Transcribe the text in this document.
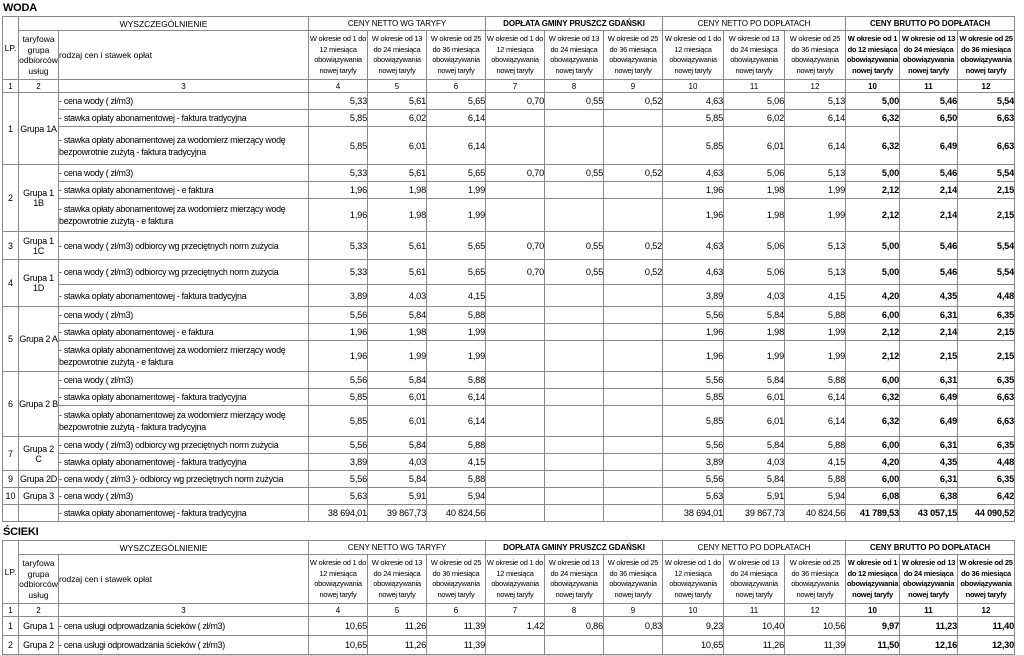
WODA
LP.	WYSZCZEGÓLNIENIE		CENY NETTO WG TARYFY			DOPŁATA GMINY PRUSZCZ GDAŃSKI			CENY NETTO PO DOPŁATACH			CENY BRUTTO PO DOPŁATACH		
	taryfowa grupa odbiorców usług	rodzaj cen i stawek opłat	W okresie od 1 do 12 miesiąca obowiązywania nowej taryfy	W okresie od 13 do 24 miesiąca obowiązywania nowej taryfy	W okresie od 25 do 36 miesiąca obowiązywania nowej taryfy	W okresie od 1 do 12 miesiąca obowiązywania nowej taryfy	W okresie od 13 do 24 miesiąca obowiązywania nowej taryfy	W okresie od 25 do 36 miesiąca obowiązywania nowej taryfy	W okresie od 1 do 12 miesiąca obowiązywania nowej taryfy	W okresie od 13 do 24 miesiąca obowiązywania nowej taryfy	W okresie od 25 do 36 miesiąca obowiązywania nowej taryfy	W okresie od 1 do 12 miesiąca obowiązywania nowej taryfy	W okresie od 13 do 24 miesiąca obowiązywania nowej taryfy	W okresie od 25 do 36 miesiąca obowiązywania nowej taryfy
1	2	3	4	5	6	7	8	9	10	11	12	10	11	12
1	Grupa 1A	- cena wody ( zł/m3)	5,33	5,61	5,65	0,70	0,55	0,52	4,63	5,06	5,13	5,00	5,46	5,54
		- stawka opłaty abonamentowej - faktura tradycyjna	5,85	6,02	6,14				5,85	6,02	6,14	6,32	6,50	6,63
		- stawka opłaty abonamentowej za wodomierz mierzący wodę bezpowrotnie zużytą - faktura tradycyjna	5,85	6,01	6,14				5,85	6,01	6,14	6,32	6,49	6,63
2	Grupa 1 1B	- cena wody ( zł/m3)	5,33	5,61	5,65	0,70	0,55	0,52	4,63	5,06	5,13	5,00	5,46	5,54
		- stawka opłaty abonamentowej - e faktura	1,96	1,98	1,99				1,96	1,98	1,99	2,12	2,14	2,15
		- stawka opłaty abonamentowej za wodomierz mierzący wodę bezpowrotnie zużytą - e faktura	1,96	1,98	1,99				1,96	1,98	1,99	2,12	2,14	2,15
3	Grupa 1 1C	- cena wody ( zł/m3) odbiorcy wg przeciętnych norm zużycia	5,33	5,61	5,65	0,70	0,55	0,52	4,63	5,06	5,13	5,00	5,46	5,54
4	Grupa 1 1D	- cena wody ( zł/m3) odbiorcy wg przeciętnych norm zużycia	5,33	5,61	5,65	0,70	0,55	0,52	4,63	5,06	5,13	5,00	5,46	5,54
		- stawka opłaty abonamentowej - faktura tradycyjna	3,89	4,03	4,15				3,89	4,03	4,15	4,20	4,35	4,48
5	Grupa 2 A	- cena wody ( zł/m3)	5,56	5,84	5,88				5,56	5,84	5,88	6,00	6,31	6,35
		- stawka opłaty abonamentowej - e faktura	1,96	1,98	1,99				1,96	1,98	1,99	2,12	2,14	2,15
		- stawka opłaty abonamentowej za wodomierz mierzący wodę bezpowrotnie zużytą - e faktura	1,96	1,99	1,99				1,96	1,99	1,99	2,12	2,15	2,15
6	Grupa 2 B	- cena wody ( zł/m3)	5,56	5,84	5,88				5,56	5,84	5,88	6,00	6,31	6,35
		- stawka opłaty abonamentowej - faktura tradycyjna	5,85	6,01	6,14				5,85	6,01	6,14	6,32	6,49	6,63
		- stawka opłaty abonamentowej za wodomierz mierzący wodę bezpowrotnie zużytą - faktura tradycyjna	5,85	6,01	6,14				5,85	6,01	6,14	6,32	6,49	6,63
7	Grupa 2 C	- cena wody ( zł/m3) odbiorcy wg przeciętnych norm zużycia	5,56	5,84	5,88				5,56	5,84	5,88	6,00	6,31	6,35
		- stawka opłaty abonamentowej - faktura tradycyjna	3,89	4,03	4,15				3,89	4,03	4,15	4,20	4,35	4,48
9	Grupa 2D	- cena wody ( zł/m3 )- odbiorcy wg przeciętnych norm zużycia	5,56	5,84	5,88				5,56	5,84	5,88	6,00	6,31	6,35
10	Grupa 3	- cena wody ( zł/m3)	5,63	5,91	5,94				5,63	5,91	5,94	6,08	6,38	6,42
		- stawka opłaty abonamentowej - faktura tradycyjna	38 694,01	39 867,73	40 824,56				38 694,01	39 867,73	40 824,56	41 789,53	43 057,15	44 090,52
ŚCIEKI
LP.	WYSZCZEGÓLNIENIE		CENY NETTO WG TARYFY			DOPŁATA GMINY PRUSZCZ GDAŃSKI			CENY NETTO PO DOPŁATACH			CENY BRUTTO PO DOPŁATACH		
	taryfowa grupa odbiorców usług	rodzaj cen i stawek opłat	W okresie od 1 do 12 miesiąca obowiązywania nowej taryfy	W okresie od 13 do 24 miesiąca obowiązywania nowej taryfy	W okresie od 25 do 36 miesiąca obowiązywania nowej taryfy	W okresie od 1 do 12 miesiąca obowiązywania nowej taryfy	W okresie od 13 do 24 miesiąca obowiązywania nowej taryfy	W okresie od 25 do 36 miesiąca obowiązywania nowej taryfy	W okresie od 1 do 12 miesiąca obowiązywania nowej taryfy	W okresie od 13 do 24 miesiąca obowiązywania nowej taryfy	W okresie od 25 do 36 miesiąca obowiązywania nowej taryfy	W okresie od 1 do 12 miesiąca obowiązywania nowej taryfy	W okresie od 13 do 24 miesiąca obowiązywania nowej taryfy	W okresie od 25 do 36 miesiąca obowiązywania nowej taryfy
1	2	3	4	5	6	7	8	9	10	11	12	10	11	12
1	Grupa 1	- cena usługi odprowadzania ścieków ( zł/m3)	10,65	11,26	11,39	1,42	0,86	0,83	9,23	10,40	10,56	9,97	11,23	11,40
2	Grupa 2	- cena usługi odprowadzania ścieków ( zł/m3)	10,65	11,26	11,39				10,65	11,26	11,39	11,50	12,16	12,30
